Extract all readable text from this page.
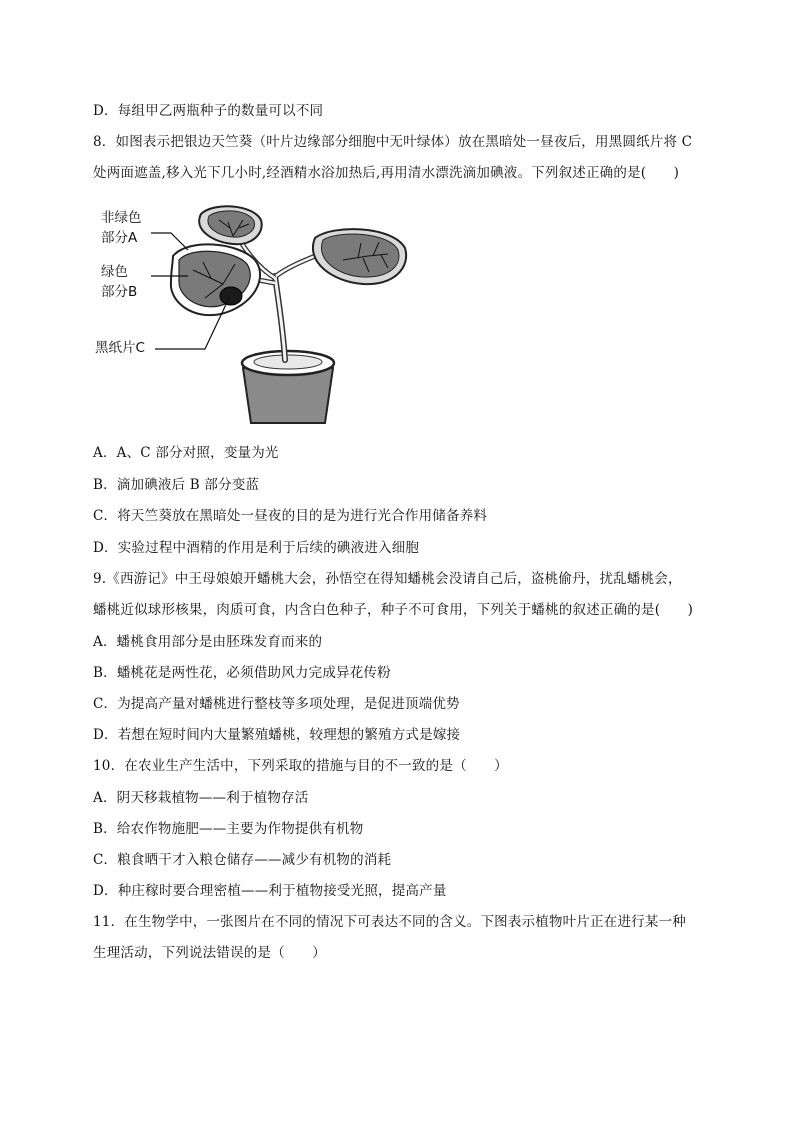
D．每组甲乙两瓶种子的数量可以不同
8．如图表示把银边天竺葵（叶片边缘部分细胞中无叶绿体）放在黑暗处一昼夜后，用黑圆纸片将 C
处两面遮盖,移入光下几小时,经酒精水浴加热后,再用清水漂洗滴加碘液。下列叙述正确的是(　　)
非绿色
部分A
绿色
部分B
黑纸片C
A．A、C 部分对照，变量为光
B．滴加碘液后 B 部分变蓝
C．将天竺葵放在黑暗处一昼夜的目的是为进行光合作用储备养料
D．实验过程中酒精的作用是利于后续的碘液进入细胞
9.《西游记》中王母娘娘开蟠桃大会，孙悟空在得知蟠桃会没请自己后，盗桃偷丹，扰乱蟠桃会，
蟠桃近似球形核果，肉质可食，内含白色种子，种子不可食用，下列关于蟠桃的叙述正确的是(　　)
A．蟠桃食用部分是由胚珠发育而来的
B．蟠桃花是两性花，必须借助风力完成异花传粉
C．为提高产量对蟠桃进行整枝等多项处理，是促进顶端优势
D．若想在短时间内大量繁殖蟠桃，较理想的繁殖方式是嫁接
10．在农业生产生活中，下列采取的措施与目的不一致的是（　　）
A．阴天移栽植物——利于植物存活
B．给农作物施肥——主要为作物提供有机物
C．粮食晒干才入粮仓储存——减少有机物的消耗
D．种庄稼时要合理密植——利于植物接受光照，提高产量
11．在生物学中，一张图片在不同的情况下可表达不同的含义。下图表示植物叶片正在进行某一种
生理活动，下列说法错误的是（　　）
